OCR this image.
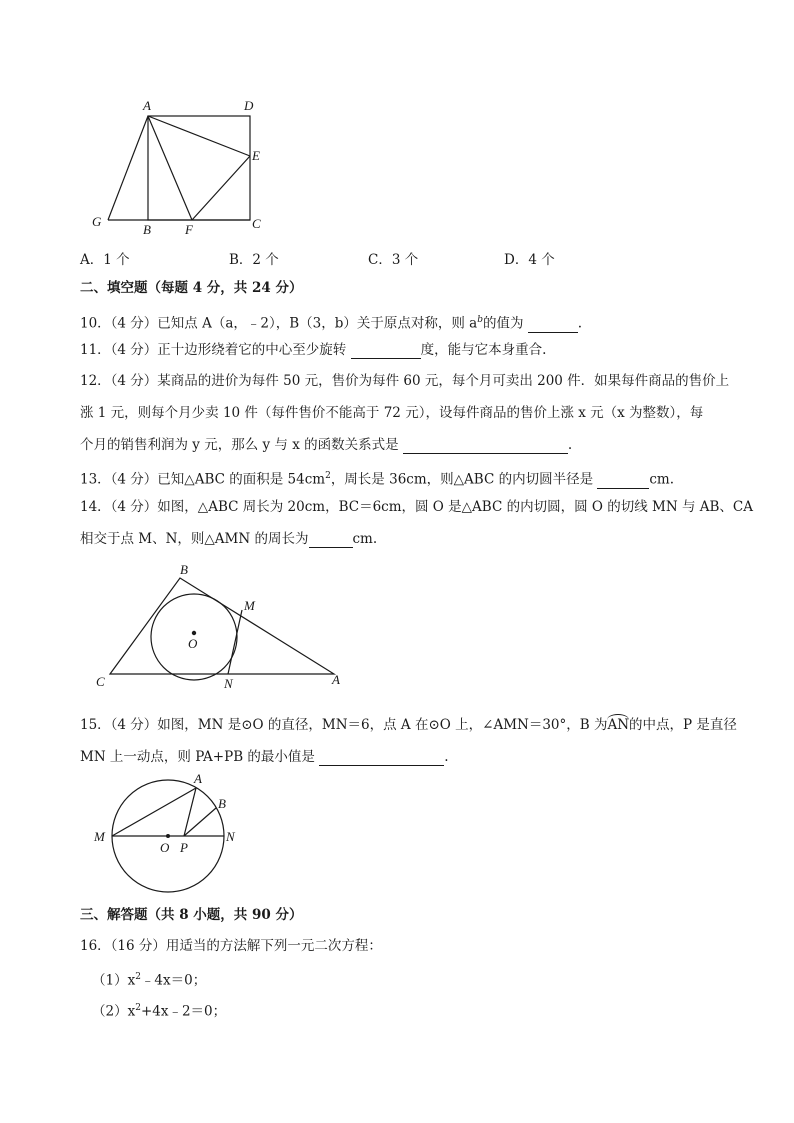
A	D
E
G
B	F	C
A．1 个	B．2 个	C．3 个	D．4 个
二、填空题（每题 4 分，共 24 分）
10．（4 分）已知点 A（a，﹣2），B（3，b）关于原点对称，则 $a^b$的值为	.
11．（4 分）正十边形绕着它的中心至少旋转	度，能与它本身重合.
12．（4 分）某商品的进价为每件 50 元，售价为每件 60 元，每个月可卖出 200 件．如果每件商品的售价上
涨 1 元，则每个月少卖 10 件（每件售价不能高于 72 元），设每件商品的售价上涨 x 元（x 为整数），每
个月的销售利润为 y 元，那么 y 与 x 的函数关系式是	.
13．（4 分）已知△ABC 的面积是 $54cm^2$，周长是 36cm，则△ABC 的内切圆半径是	cm.
14．（4 分）如图，△ABC 周长为 20cm，BC＝6cm，圆 O 是△ABC 的内切圆，圆 O 的切线 MN 与 AB、CA
相交于点 M、N，则△AMN 的周长为	cm.
B
M
O
C	N	A
15．（4 分）如图，MN 是⊙O 的直径，MN＝6，点 A 在⊙O 上，∠AMN＝30°，B 为AN的中点，P 是直径
MN 上一动点，则 PA+PB 的最小值是	.
A
B
M	N
O P
三、解答题（共 8 小题，共 90 分）
16．（16 分）用适当的方法解下列一元二次方程：
$(1)x^2﹣4x=0$；
$(2)x^2+4x﹣2=0$；
